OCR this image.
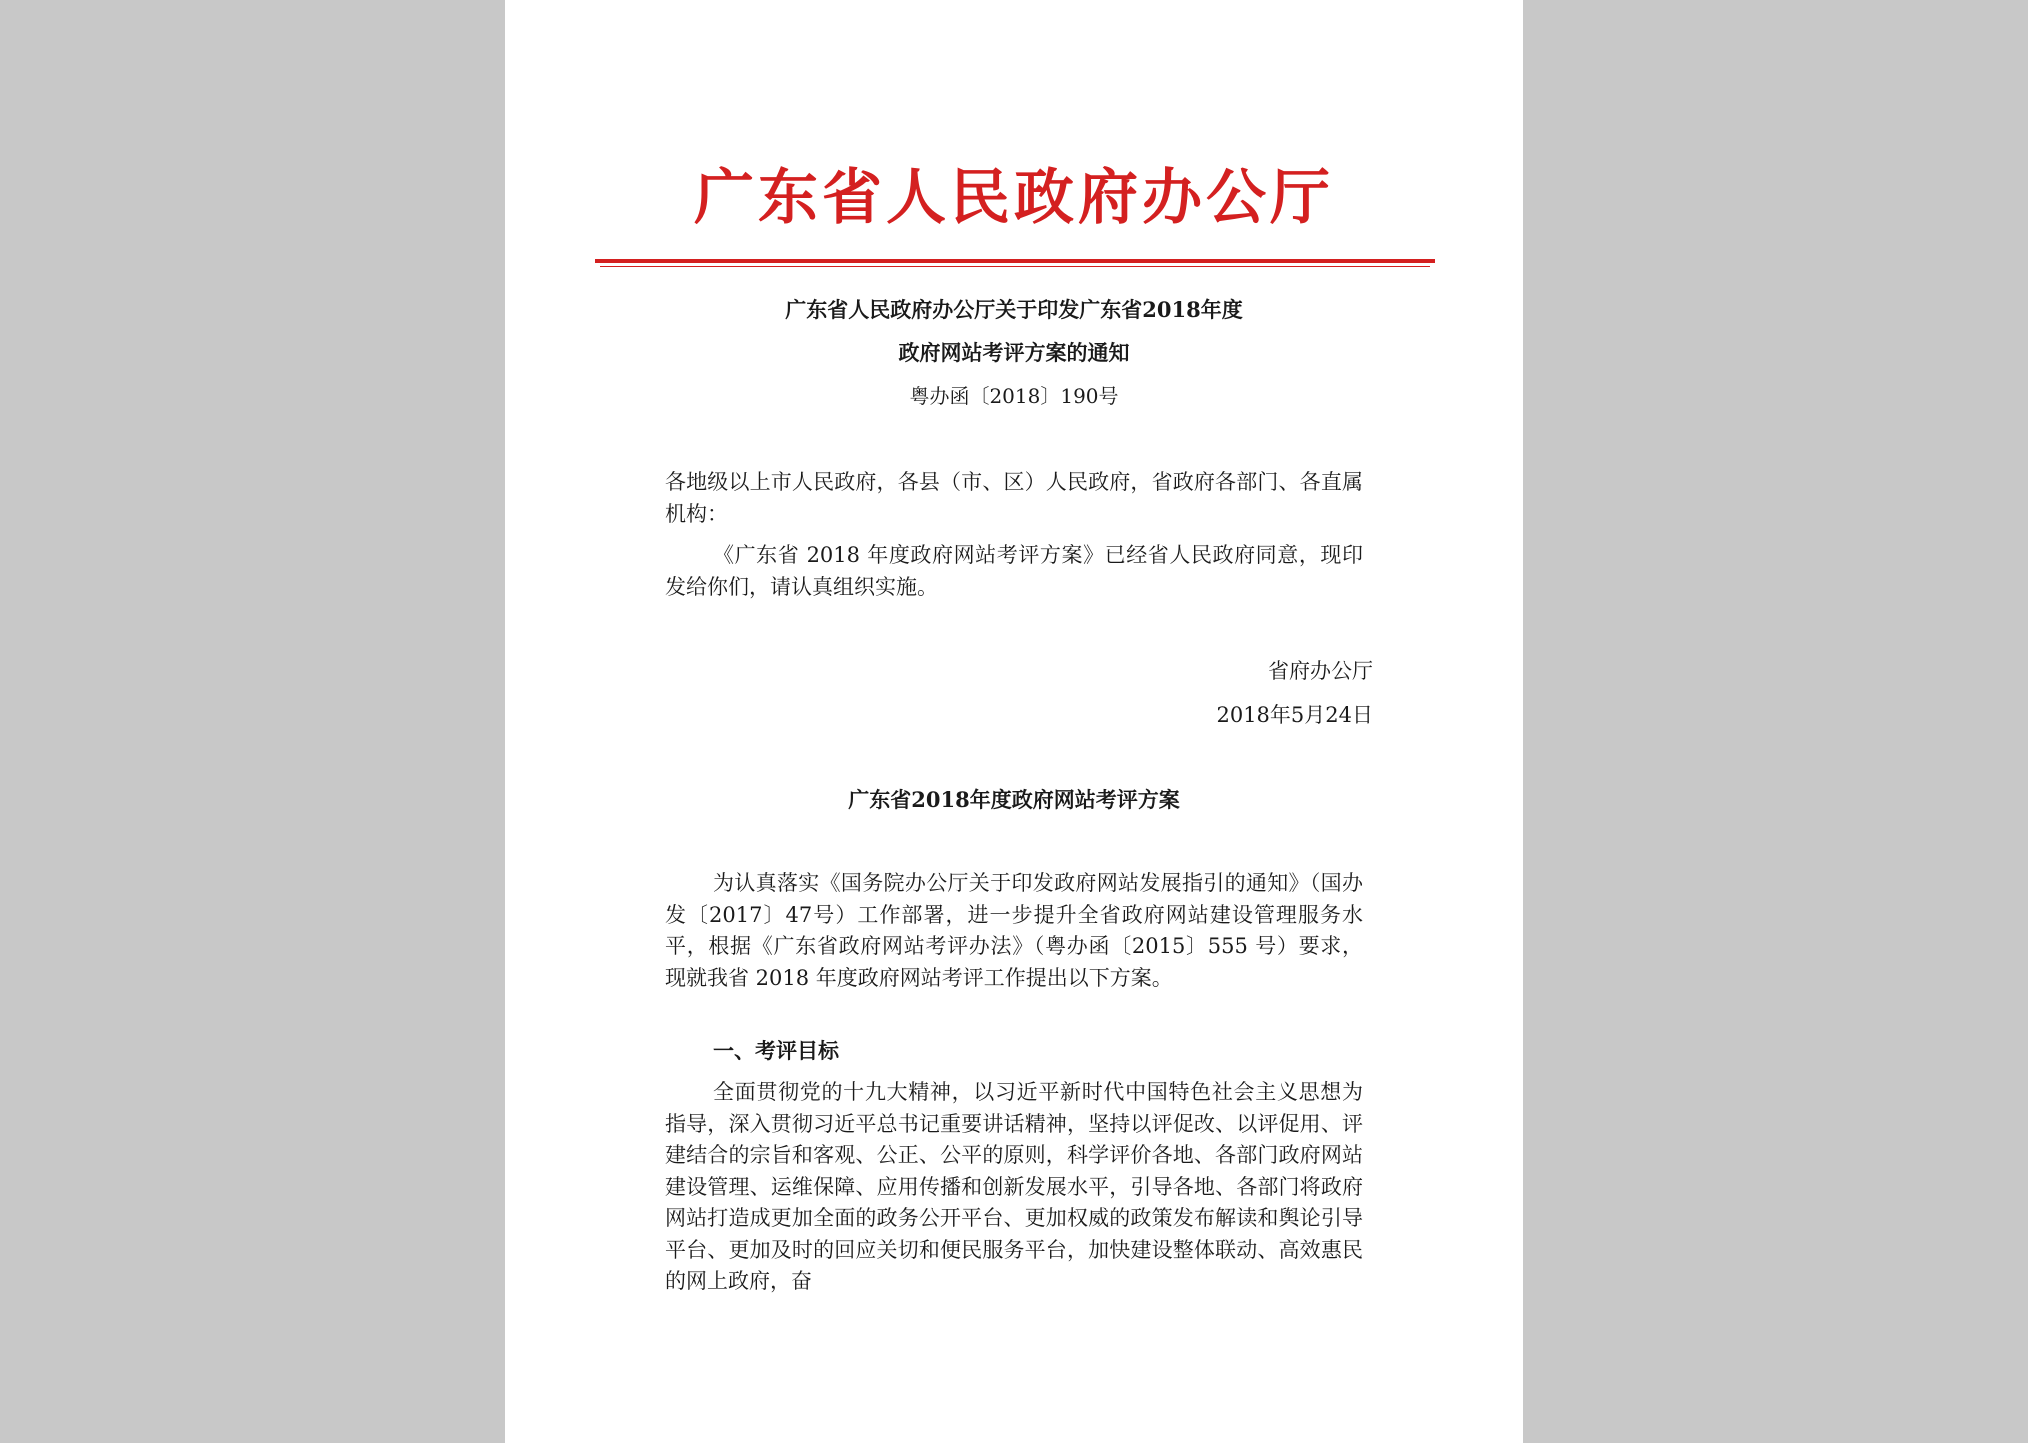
广东省人民政府办公厅
广东省人民政府办公厅关于印发广东省2018年度
政府网站考评方案的通知
粤办函〔2018〕190号
各地级以上市人民政府，各县（市、区）人民政府，省政府各部门、各直属机构：
《广东省 2018 年度政府网站考评方案》已经省人民政府同意，现印发给你们，请认真组织实施。
省府办公厅
2018年5月24日
广东省2018年度政府网站考评方案
为认真落实《国务院办公厅关于印发政府网站发展指引的通知》（国办发〔2017〕47号）工作部署，进一步提升全省政府网站建设管理服务水平，根据《广东省政府网站考评办法》（粤办函〔2015〕555 号）要求，现就我省 2018 年度政府网站考评工作提出以下方案。
一、考评目标
全面贯彻党的十九大精神，以习近平新时代中国特色社会主义思想为指导，深入贯彻习近平总书记重要讲话精神，坚持以评促改、以评促用、评建结合的宗旨和客观、公正、公平的原则，科学评价各地、各部门政府网站建设管理、运维保障、应用传播和创新发展水平，引导各地、各部门将政府网站打造成更加全面的政务公开平台、更加权威的政策发布解读和舆论引导平台、更加及时的回应关切和便民服务平台，加快建设整体联动、高效惠民的网上政府，奋
